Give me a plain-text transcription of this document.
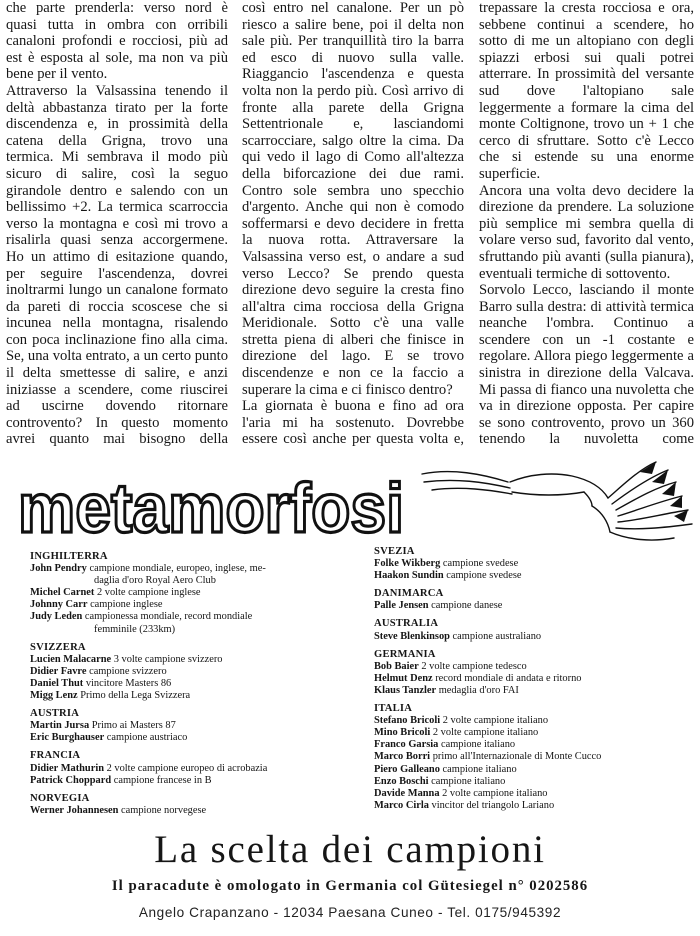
che parte prenderla: verso nord è quasi tutta in ombra con orribili canaloni profondi e rocciosi, più ad est è esposta al sole, ma non va più bene per il vento.

Attraverso la Valsassina tenendo il deltà abbastanza tirato per la forte discendenza e, in prossimità della catena della Grigna, trovo una termica. Mi sembrava il modo più sicuro di salire, così la seguo girandole dentro e salendo con un bellissimo +2. La termica scarroccia verso la montagna e così mi trovo a risalirla quasi senza accorgermene. Ho un attimo di esitazione quando, per seguire l'ascendenza, dovrei inoltrarmi lungo un canalone formato da pareti di roccia scoscese che si incunea nella montagna, risalendo con poca inclinazione fino alla cima. Se, una volta entrato, a un certo punto il delta smettesse di salire, e anzi iniziasse a scendere, come riuscirei ad uscirne dovendo ritornare controvento? In questo momento avrei quanto mai bisogno della

così entro nel canalone. Per un pò riesco a salire bene, poi il delta non sale più. Per tranquillità tiro la barra ed esco di nuovo sulla valle. Riaggancio l'ascendenza e questa volta non la perdo più. Così arrivo di fronte alla parete della Grigna Settentrionale e, lasciandomi scarrocciare, salgo oltre la cima. Da qui vedo il lago di Como all'altezza della biforcazione dei due rami. Contro sole sembra uno specchio d'argento. Anche qui non è comodo soffermarsi e devo decidere in fretta la nuova rotta. Attraversare la Valsassina verso est, o andare a sud verso Lecco? Se prendo questa direzione devo seguire la cresta fino all'altra cima rocciosa della Grigna Meridionale. Sotto c'è una valle stretta piena di alberi che finisce in direzione del lago. E se trovo discendenze e non ce la faccio a superare la cima e ci finisco dentro?

La giornata è buona e fino ad ora l'aria mi ha sostenuto. Dovrebbe essere così anche per questa volta e,

trepassare la cresta rocciosa e ora, sebbene continui a scendere, ho sotto di me un altopiano con degli spiazzi erbosi sui quali potrei atterrare. In prossimità del versante sud dove l'altopiano sale leggermente a formare la cima del monte Coltignone, trovo un + 1 che cerco di sfruttare. Sotto c'è Lecco che si estende su una enorme superficie.

Ancora una volta devo decidere la direzione da prendere. La soluzione più semplice mi sembra quella di volare verso sud, favorito dal vento, sfruttando più avanti (sulla pianura), eventuali termiche di sottovento.

Sorvolo Lecco, lasciando il monte Barro sulla destra: di attività termica neanche l'ombra. Continuo a scendere con un -1 costante e regolare. Allora piego leggermente a sinistra in direzione della Valcava. Mi passa di fianco una nuvoletta che va in direzione opposta. Per capire se sono controvento, provo un 360 tenendo la nuvoletta come

metamorfosi
INGHILTERRA
John Pendry campione mondiale, europeo, inglese, me-
daglia d'oro Royal Aero Club
Michel Carnet 2 volte campione inglese
Johnny Carr campione inglese
Judy Leden campionessa mondiale, record mondiale
femminile (233km)
SVIZZERA
Lucien Malacarne 3 volte campione svizzero
Didier Favre campione svizzero
Daniel Thut vincitore Masters 86
Migg Lenz Primo della Lega Svizzera
AUSTRIA
Martin Jursa Primo ai Masters 87
Eric Burghauser campione austriaco
FRANCIA
Didier Mathurin 2 volte campione europeo di acrobazia
Patrick Choppard campione francese in B
NORVEGIA
Werner Johannesen campione norvegese
SVEZIA
Folke Wikberg campione svedese
Haakon Sundin campione svedese
DANIMARCA
Palle Jensen campione danese
AUSTRALIA
Steve Blenkinsop campione australiano
GERMANIA
Bob Baier 2 volte campione tedesco
Helmut Denz record mondiale di andata e ritorno
Klaus Tanzler medaglia d'oro FAI
ITALIA
Stefano Bricoli 2 volte campione italiano
Mino Bricoli 2 volte campione italiano
Franco Garsia campione italiano
Marco Borri primo all'Internazionale di Monte Cucco
Piero Galleano campione italiano
Enzo Boschi campione italiano
Davide Manna 2 volte campione italiano
Marco Cirla vincitor del triangolo Lariano
La scelta dei campioni
Il paracadute è omologato in Germania col Gütesiegel n° 0202586
Angelo Crapanzano - 12034 Paesana Cuneo - Tel. 0175/945392
